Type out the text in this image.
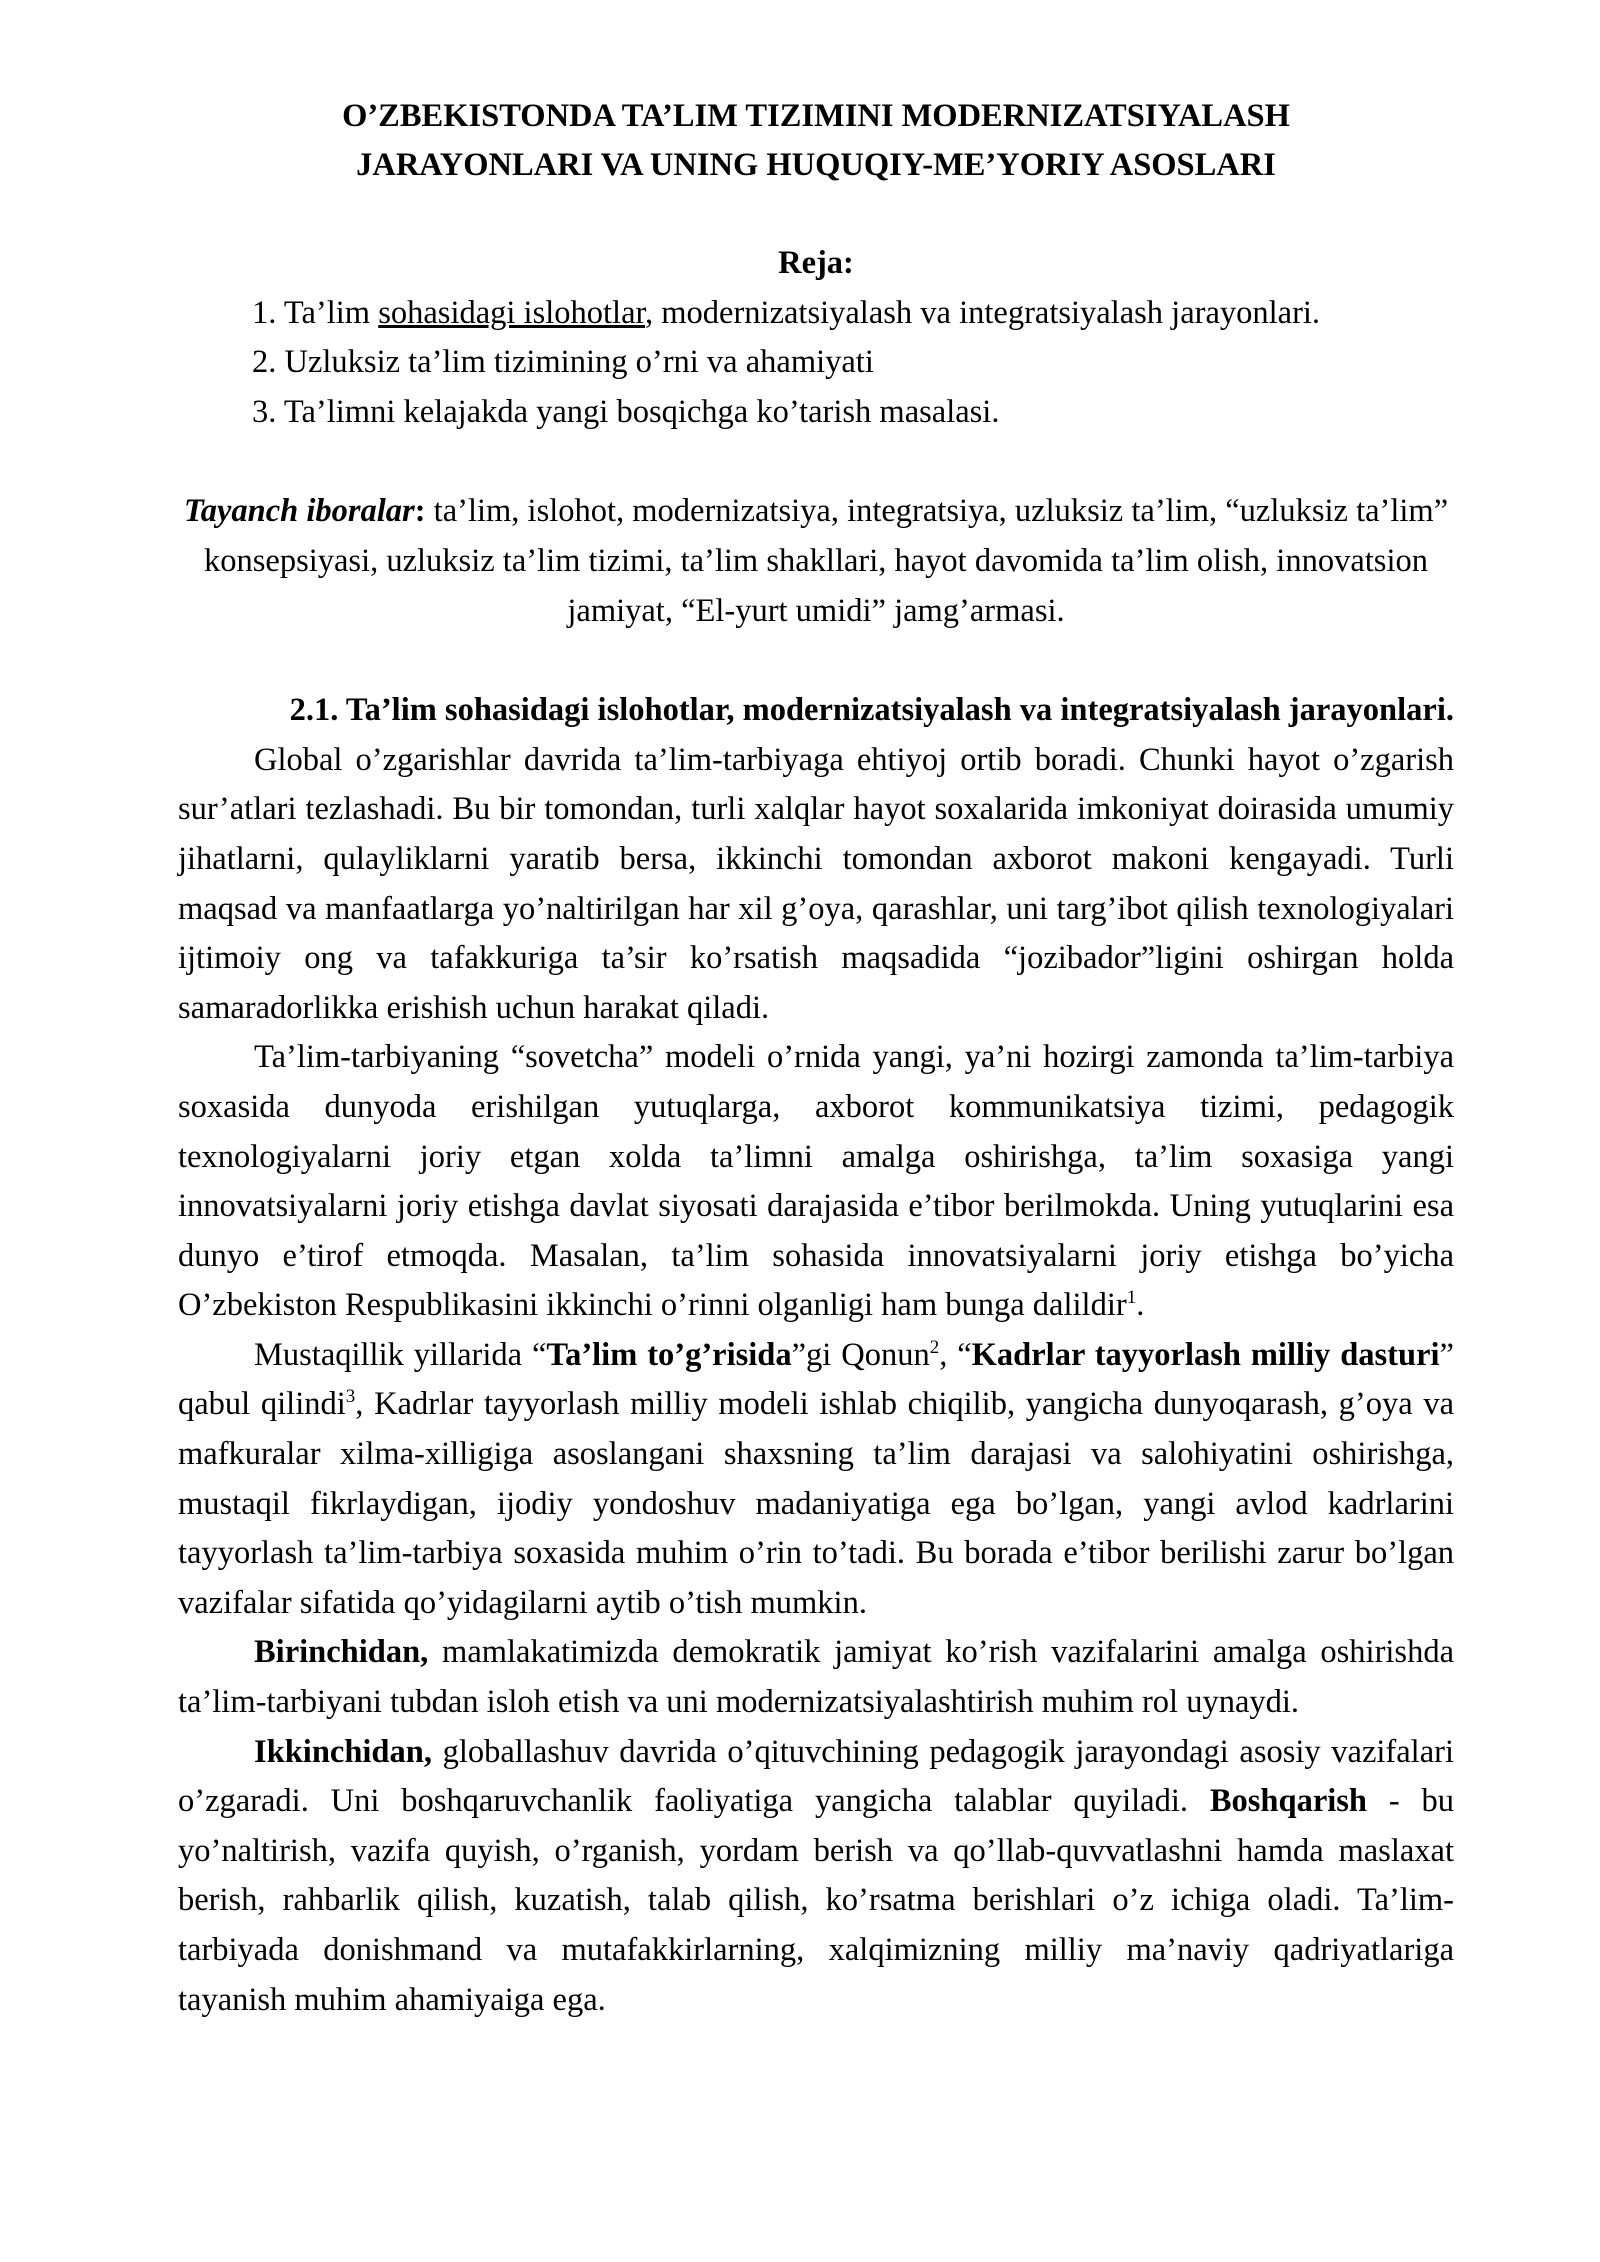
O’ZBEKISTONDA TA’LIM TIZIMINI MODERNIZATSIYALASH
JARAYONLARI VA UNING HUQUQIY-ME’YORIY ASOSLARI
Reja:
1. Ta’lim sohasidagi islohotlar, modernizatsiyalash va integratsiyalash jarayonlari.
2. Uzluksiz ta’lim tizimining o’rni va ahamiyati
3. Ta’limni kelajakda yangi bosqichga ko’tarish masalasi.
Tayanch iboralar: ta’lim, islohot, modernizatsiya, integratsiya, uzluksiz ta’lim, “uzluksiz ta’lim” konsepsiyasi, uzluksiz ta’lim tizimi, ta’lim shakllari, hayot davomida ta’lim olish, innovatsion jamiyat, “El-yurt umidi” jamg’armasi.
2.1. Ta’lim sohasidagi islohotlar, modernizatsiyalash va integratsiyalash jarayonlari.

Global o’zgarishlar davrida ta’lim-tarbiyaga ehtiyoj ortib boradi. Chunki hayot o’zgarish sur’atlari tezlashadi. Bu bir tomondan, turli xalqlar hayot soxalarida imkoniyat doirasida umumiy jihatlarni, qulayliklarni yaratib bersa, ikkinchi tomondan axborot makoni kengayadi. Turli maqsad va manfaatlarga yo’naltirilgan har xil g’oya, qarashlar, uni targ’ibot qilish texnologiyalari ijtimoiy ong va tafakkuriga ta’sir ko’rsatish maqsadida “jozibador”ligini oshirgan holda samaradorlikka erishish uchun harakat qiladi.

Ta’lim-tarbiyaning “sovetcha” modeli o’rnida yangi, ya’ni hozirgi zamonda ta’lim-tarbiya soxasida dunyoda erishilgan yutuqlarga, axborot kommunikatsiya tizimi, pedagogik texnologiyalarni joriy etgan xolda ta’limni amalga oshirishga, ta’lim soxasiga yangi innovatsiyalarni joriy etishga davlat siyosati darajasida e’tibor berilmokda. Uning yutuqlarini esa dunyo e’tirof etmoqda. Masalan, ta’lim sohasida innovatsiyalarni joriy etishga bo’yicha O’zbekiston Respublikasini ikkinchi o’rinni olganligi ham bunga dalildir$^1$.

Mustaqillik yillarida “Ta’lim to’g’risida”gi Qonun$^2$, “Kadrlar tayyorlash milliy dasturi” qabul qilindi$^3$, Kadrlar tayyorlash milliy modeli ishlab chiqilib, yangicha dunyoqarash, g’oya va mafkuralar xilma-xilligiga asoslangani shaxsning ta’lim darajasi va salohiyatini oshirishga, mustaqil fikrlaydigan, ijodiy yondoshuv madaniyatiga ega bo’lgan, yangi avlod kadrlarini tayyorlash ta’lim-tarbiya soxasida muhim o’rin to’tadi. Bu borada e’tibor berilishi zarur bo’lgan vazifalar sifatida qo’yidagilarni aytib o’tish mumkin.

Birinchidan, mamlakatimizda demokratik jamiyat ko’rish vazifalarini amalga oshirishda ta’lim-tarbiyani tubdan isloh etish va uni modernizatsiyalashtirish muhim rol uynaydi.

Ikkinchidan, globallashuv davrida o’qituvchining pedagogik jarayondagi asosiy vazifalari o’zgaradi. Uni boshqaruvchanlik faoliyatiga yangicha talablar quyiladi. Boshqarish - bu yo’naltirish, vazifa quyish, o’rganish, yordam berish va qo’llab-quvvatlashni hamda maslaxat berish, rahbarlik qilish, kuzatish, talab qilish, ko’rsatma berishlari o’z ichiga oladi. Ta’lim-tarbiyada donishmand va mutafakkirlarning, xalqimizning milliy ma’naviy qadriyatlariga tayanish muhim ahamiyaiga ega.
